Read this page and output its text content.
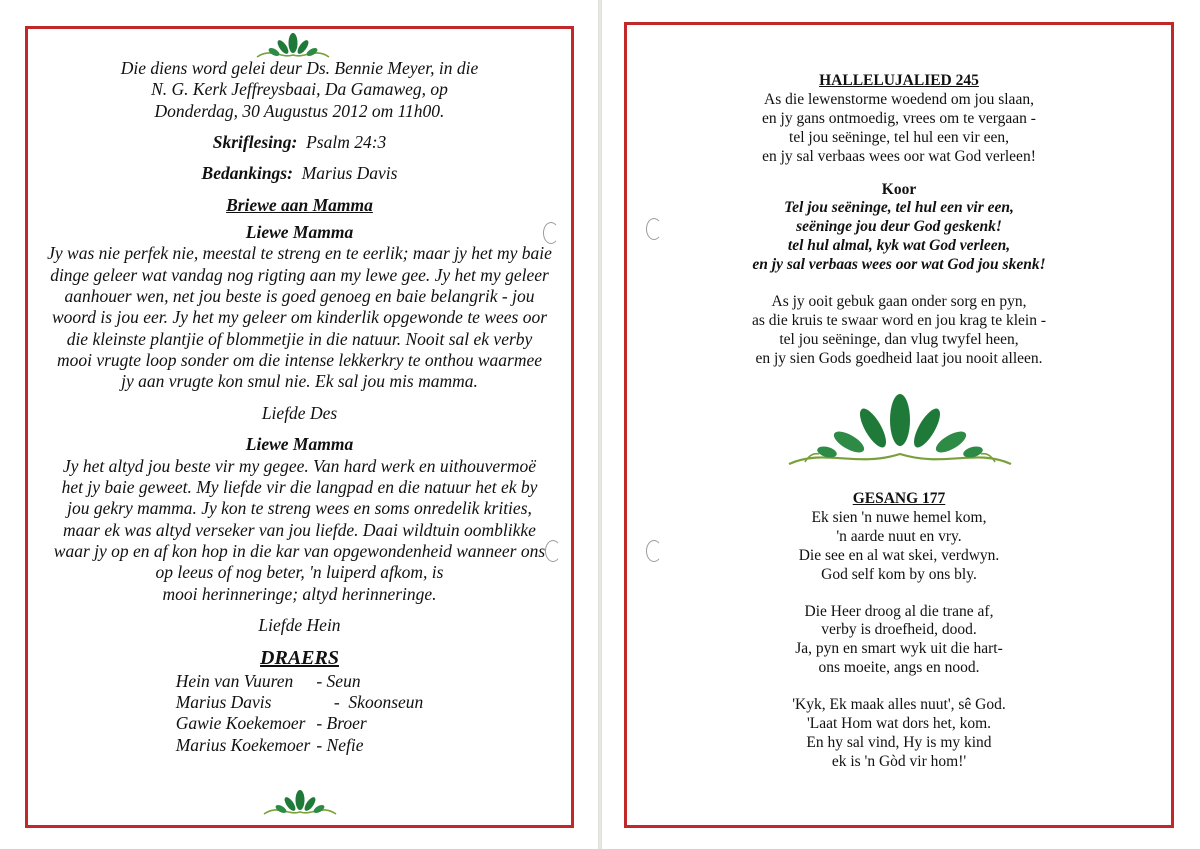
Die diens word gelei deur Ds. Bennie Meyer, in die
N. G. Kerk Jeffreysbaai, Da Gamaweg, op
Donderdag, 30 Augustus 2012 om 11h00.
Skriflesing: Psalm 24:3
Bedankings: Marius Davis
Briewe aan Mamma
Liewe Mamma
Jy was nie perfek nie, meestal te streng en te eerlik; maar jy het my baie
dinge geleer wat vandag nog rigting aan my lewe gee. Jy het my geleer
aanhouer wen, net jou beste is goed genoeg en baie belangrik - jou
woord is jou eer. Jy het my geleer om kinderlik opgewonde te wees oor
die kleinste plantjie of blommetjie in die natuur. Nooit sal ek verby
mooi vrugte loop sonder om die intense lekkerkry te onthou waarmee
jy aan vrugte kon smul nie. Ek sal jou mis mamma.
Liefde Des
Liewe Mamma
Jy het altyd jou beste vir my gegee. Van hard werk en uithouvermoë
het jy baie geweet. My liefde vir die langpad en die natuur het ek by
jou gekry mamma. Jy kon te streng wees en soms onredelik krities,
maar ek was altyd verseker van jou liefde. Daai wildtuin oomblikke
waar jy op en af kon hop in die kar van opgewondenheid wanneer ons
op leeus of nog beter, 'n luiperd afkom, is
mooi herinneringe; altyd herinneringe.
Liefde Hein
DRAERS
Hein van Vuuren	- Seun
Marius Davis	-  Skoonseun
Gawie Koekemoer - Broer
Marius Koekemoer - Nefie
HALLELUJALIED 245
As die lewenstorme woedend om jou slaan,
en jy gans ontmoedig, vrees om te vergaan -
tel jou seëninge, tel hul een vir een,
en jy sal verbaas wees oor wat God verleen!
Koor
Tel jou seëninge, tel hul een vir een,
seëninge jou deur God geskenk!
tel hul almal, kyk wat God verleen,
en jy sal verbaas wees oor wat God jou skenk!
As jy ooit gebuk gaan onder sorg en pyn,
as die kruis te swaar word en jou krag te klein -
tel jou seëninge, dan vlug twyfel heen,
en jy sien Gods goedheid laat jou nooit alleen.
GESANG 177
Ek sien 'n nuwe hemel kom,
'n aarde nuut en vry.
Die see en al wat skei, verdwyn.
God self kom by ons bly.
Die Heer droog al die trane af,
verby is droefheid, dood.
Ja, pyn en smart wyk uit die hart-
ons moeite, angs en nood.
'Kyk, Ek maak alles nuut', sê God.
'Laat Hom wat dors het, kom.
En hy sal vind, Hy is my kind
ek is 'n Gòd vir hom!'
